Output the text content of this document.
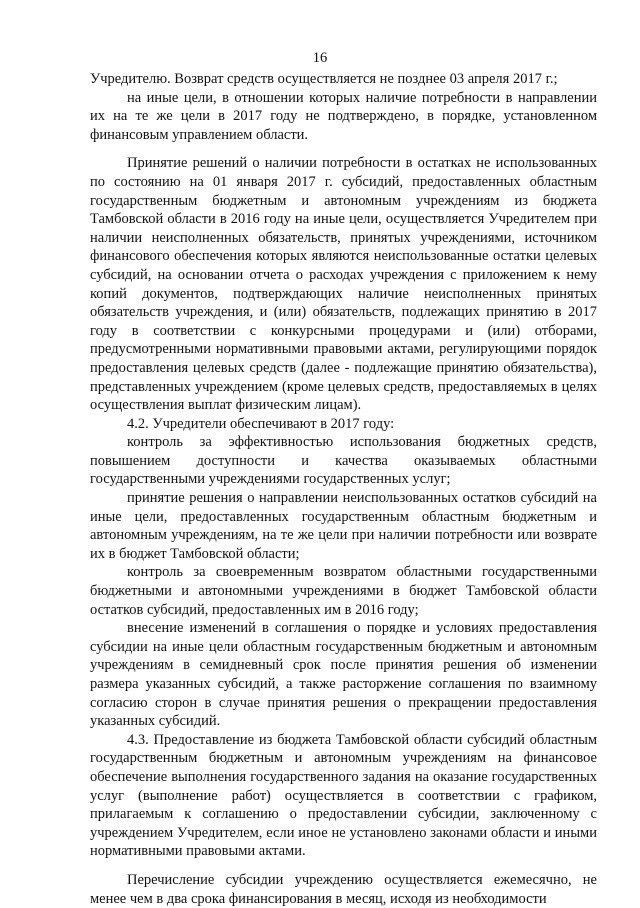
16

Учредителю. Возврат средств осуществляется не позднее 03 апреля 2017 г.;

на иные цели, в отношении которых наличие потребности в направлении их на те же цели в 2017 году не подтверждено, в порядке, установленном финансовым управлением области.

Принятие решений о наличии потребности в остатках не использованных по состоянию на 01 января 2017 г. субсидий, предоставленных областным государственным бюджетным и автономным учреждениям из бюджета Тамбовской области в 2016 году на иные цели, осуществляется Учредителем при наличии неисполненных обязательств, принятых учреждениями, источником финансового обеспечения которых являются неиспользованные остатки целевых субсидий, на основании отчета о расходах учреждения с приложением к нему копий документов, подтверждающих наличие неисполненных принятых обязательств учреждения, и (или) обязательств, подлежащих принятию в 2017 году в соответствии с конкурсными процедурами и (или) отборами, предусмотренными нормативными правовыми актами, регулирующими порядок предоставления целевых средств (далее - подлежащие принятию обязательства), представленных учреждением (кроме целевых средств, предоставляемых в целях осуществления выплат физическим лицам).

4.2. Учредители обеспечивают в 2017 году:

контроль за эффективностью использования бюджетных средств, повышением доступности и качества оказываемых областными государственными учреждениями государственных услуг;

принятие решения о направлении неиспользованных остатков субсидий на иные цели, предоставленных государственным областным бюджетным и автономным учреждениям, на те же цели при наличии потребности или возврате их в бюджет Тамбовской области;

контроль за своевременным возвратом областными государственными бюджетными и автономными учреждениями в бюджет Тамбовской области остатков субсидий, предоставленных им в 2016 году;

внесение изменений в соглашения о порядке и условиях предоставления субсидии на иные цели областным государственным бюджетным и автономным учреждениям в семидневный срок после принятия решения об изменении размера указанных субсидий, а также расторжение соглашения по взаимному согласию сторон в случае принятия решения о прекращении предоставления указанных субсидий.

4.3. Предоставление из бюджета Тамбовской области субсидий областным государственным бюджетным и автономным учреждениям на финансовое обеспечение выполнения государственного задания на оказание государственных услуг (выполнение работ) осуществляется в соответствии с графиком, прилагаемым к соглашению о предоставлении субсидии, заключенному с учреждением Учредителем, если иное не установлено законами области и иными нормативными правовыми актами.

Перечисление субсидии учреждению осуществляется ежемесячно, не менее чем в два срока финансирования в месяц, исходя из необходимости
